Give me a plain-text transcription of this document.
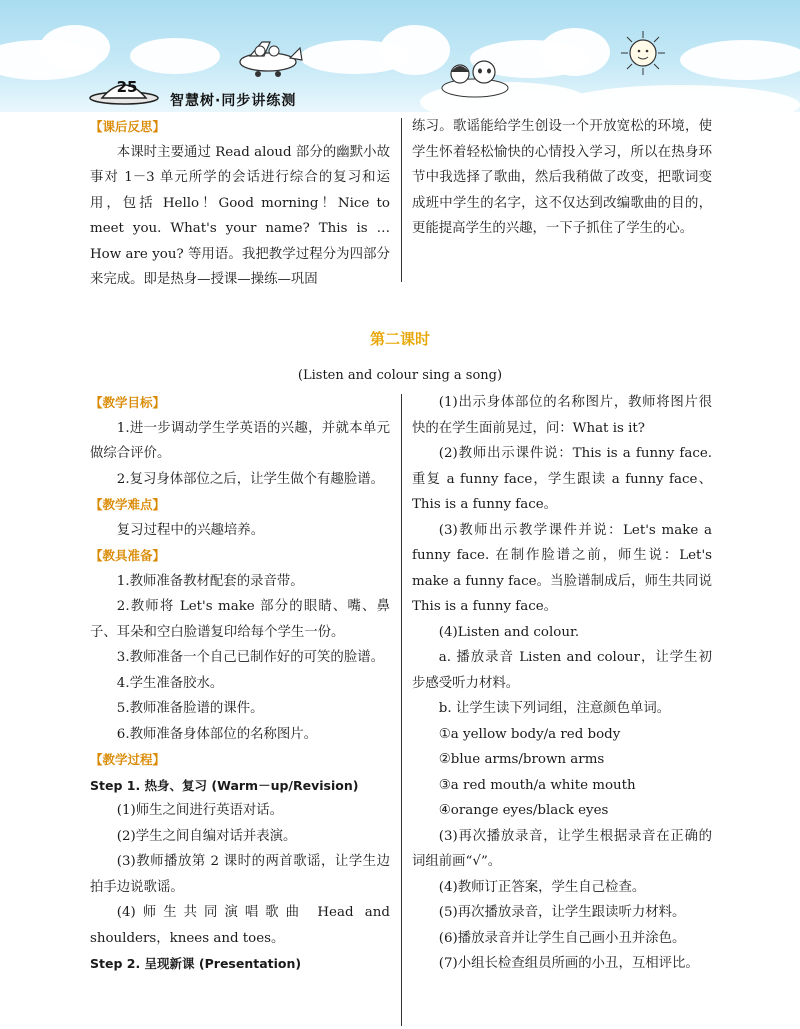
25
智慧树·同步讲练测
【课后反思】

本课时主要通过 Read aloud 部分的幽默小故事对 1－3 单元所学的会话进行综合的复习和运用，包括 Hello！Good morning！Nice to meet you. What's your name? This is … How are you? 等用语。我把教学过程分为四部分来完成。即是热身—授课—操练—巩固

练习。歌谣能给学生创设一个开放宽松的环境，使学生怀着轻松愉快的心情投入学习，所以在热身环节中我选择了歌曲，然后我稍做了改变，把歌词变成班中学生的名字，这不仅达到改编歌曲的目的，更能提高学生的兴趣，一下子抓住了学生的心。

第二课时
(Listen and colour sing a song)
【教学目标】

1.进一步调动学生学英语的兴趣，并就本单元做综合评价。

2.复习身体部位之后，让学生做个有趣脸谱。

【教学难点】

复习过程中的兴趣培养。

【教具准备】

1.教师准备教材配套的录音带。

2.教师将 Let's make 部分的眼睛、嘴、鼻子、耳朵和空白脸谱复印给每个学生一份。

3.教师准备一个自己已制作好的可笑的脸谱。

4.学生准备胶水。

5.教师准备脸谱的课件。

6.教师准备身体部位的名称图片。

【教学过程】

Step 1. 热身、复习 (Warm－up/Revision)

(1)师生之间进行英语对话。

(2)学生之间自编对话并表演。

(3)教师播放第 2 课时的两首歌谣，让学生边拍手边说歌谣。

(4)师生共同演唱歌曲 Head and shoulders，knees and toes。

Step 2. 呈现新课 (Presentation)

(1)出示身体部位的名称图片，教师将图片很快的在学生面前晃过，问：What is it?

(2)教师出示课件说：This is a funny face. 重复 a funny face，学生跟读 a funny face、This is a funny face。

(3)教师出示教学课件并说：Let's make a funny face. 在制作脸谱之前，师生说：Let's make a funny face。当脸谱制成后，师生共同说 This is a funny face。

(4)Listen and colour.

a. 播放录音 Listen and colour，让学生初步感受听力材料。

b. 让学生读下列词组，注意颜色单词。

①a yellow body/a red body

②blue arms/brown arms

③a red mouth/a white mouth

④orange eyes/black eyes

(3)再次播放录音，让学生根据录音在正确的词组前画“√”。

(4)教师订正答案，学生自己检查。

(5)再次播放录音，让学生跟读听力材料。

(6)播放录音并让学生自己画小丑并涂色。

(7)小组长检查组员所画的小丑，互相评比。
